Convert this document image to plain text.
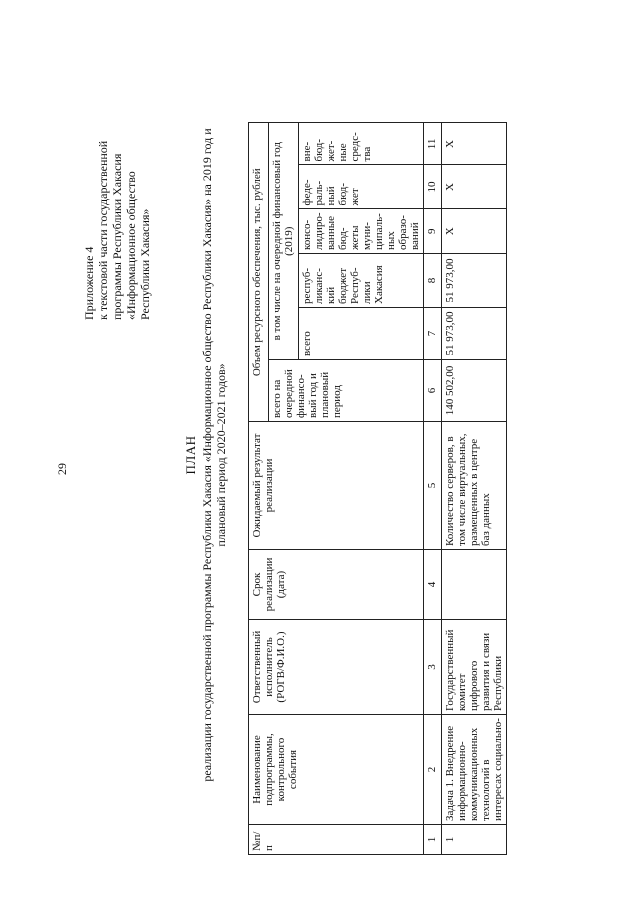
29
Приложение 4 к текстовой части государственной программы Республики Хакасия «Информационное общество Республики Хакасия»
ПЛАН реализации государственной программы Республики Хакасия «Информационное общество Республики Хакасия» на 2019 год и плановый период 2020–2021 годов»
№п/п	Наименование подпрограммы, контрольного события	Ответственный исполнитель (РОГВ/Ф.И.О.)	Срок реализации (дата)	Ожидаемый результат реализации	Объем ресурсного обеспечения, тыс. рублей					
					всего на очередной финансо-вый год и плановый период	в том числе на очередной финансовый год (2019)				
						всего	респуб-ликанс-кий бюджет Респуб-лики Хакасия	консо-лидиро-ванные бюд-жеты муни-ципаль-ных образо-ваний	феде-раль-ный бюд-жет	вне-бюд-жет-ные средс-тва
1	2	3	4	5	6	7	8	9	10	11
1	Задача 1. Внедрение информационно-коммуникационных технологий в интересах социально-	Государственный комитет цифрового развития и связи Республики		Количество серверов, в том числе виртуальных, размещенных в центре баз данных	140 502,00	51 973,00	51 973,00	X	X	X
